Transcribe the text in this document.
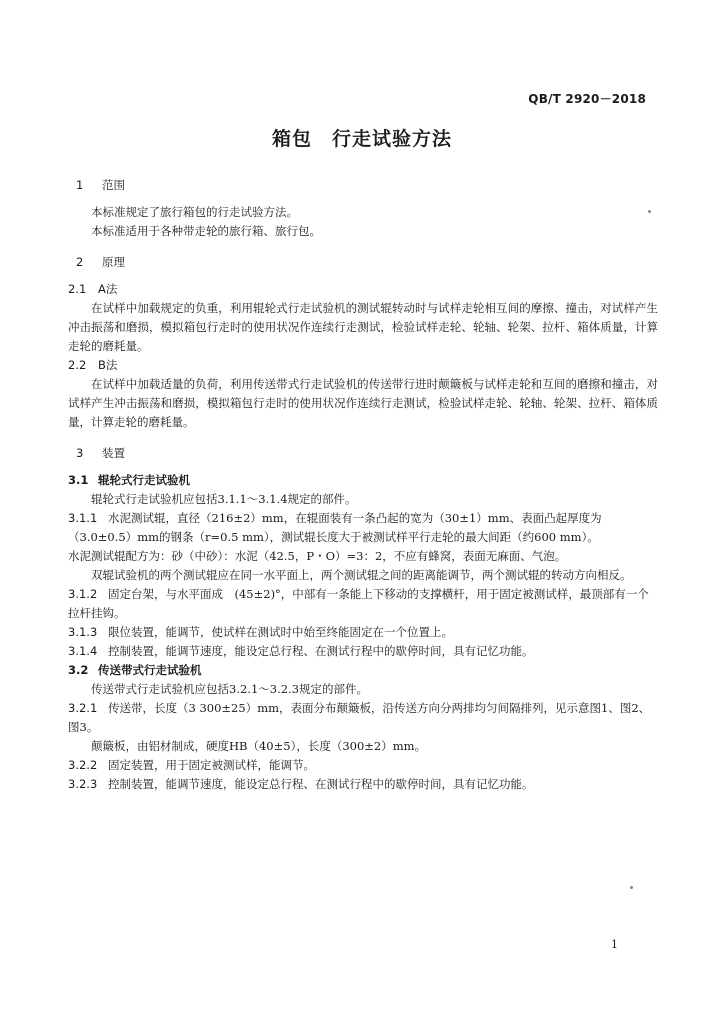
QB/T 2920－2018
箱包　行走试验方法
1 范围
本标准规定了旅行箱包的行走试验方法。
本标准适用于各种带走轮的旅行箱、旅行包。
2 原理
2.1 A法
在试样中加载规定的负重，利用辊轮式行走试验机的测试辊转动时与试样走轮相互间的摩擦、撞击，对试样产生冲击振荡和磨损，模拟箱包行走时的使用状况作连续行走测试，检验试样走轮、轮轴、轮架、拉杆、箱体质量，计算走轮的磨耗量。
2.2 B法
在试样中加载适量的负荷，利用传送带式行走试验机的传送带行进时颠簸板与试样走轮和互间的磨擦和撞击，对试样产生冲击振荡和磨损，模拟箱包行走时的使用状况作连续行走测试，检验试样走轮、轮轴、轮架、拉杆、箱体质量，计算走轮的磨耗量。
3 装置
3.1 辊轮式行走试验机
辊轮式行走试验机应包括3.1.1～3.1.4规定的部件。
3.1.1 水泥测试辊，直径（216±2）mm，在辊面装有一条凸起的宽为（30±1）mm、表面凸起厚度为（3.0±0.5）mm的钢条（r=0.5 mm），测试辊长度大于被测试样平行走轮的最大间距（约600 mm）。
水泥测试辊配方为：砂（中砂）：水泥（42.5，P・O）=3：2，不应有蜂窝，表面无麻面、气泡。
双辊试验机的两个测试辊应在同一水平面上，两个测试辊之间的距离能调节，两个测试辊的转动方向相反。
3.1.2 固定台架，与水平面成　(45±2)°，中部有一条能上下移动的支撑横杆，用于固定被测试样，最顶部有一个拉杆挂钩。
3.1.3 限位装置，能调节，使试样在测试时中始至终能固定在一个位置上。
3.1.4 控制装置，能调节速度，能设定总行程、在测试行程中的歇停时间，具有记忆功能。
3.2 传送带式行走试验机
传送带式行走试验机应包括3.2.1～3.2.3规定的部件。
3.2.1 传送带，长度（3 300±25）mm，表面分布颠簸板，沿传送方向分两排均匀间隔排列，见示意图1、图2、图3。
颠簸板，由铝材制成，硬度HB（40±5），长度（300±2）mm。
3.2.2 固定装置，用于固定被测试样，能调节。
3.2.3 控制装置，能调节速度，能设定总行程、在测试行程中的歇停时间，具有记忆功能。
1
